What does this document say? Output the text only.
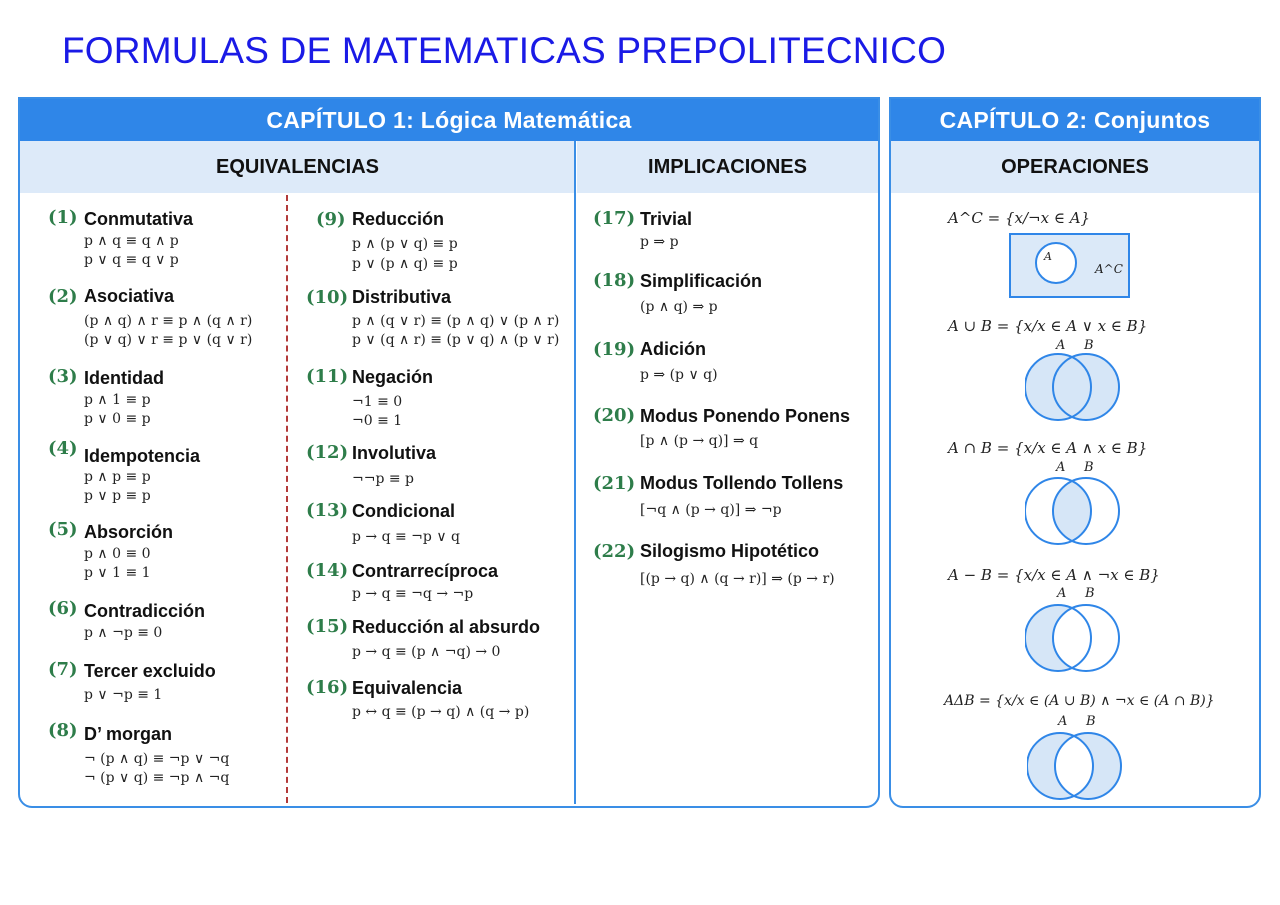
FORMULAS DE MATEMATICAS PREPOLITECNICO
CAPÍTULO 1: Lógica Matemática
EQUIVALENCIAS	IMPLICACIONES
CAPÍTULO 2: Conjuntos
OPERACIONES
(1) Conmutativa
p ∧ q ≡ q ∧ p
p ∨ q ≡ q ∨ p
(2) Asociativa
(p ∧ q) ∧ r ≡ p ∧ (q ∧ r)
(p ∨ q) ∨ r ≡ p ∨ (q ∨ r)
(3) Identidad
p ∧ 1 ≡ p
p ∨ 0 ≡ p
(4) Idempotencia
p ∧ p ≡ p
p ∨ p ≡ p
(5) Absorción
p ∧ 0 ≡ 0
p ∨ 1 ≡ 1
(6) Contradicción
p ∧ ¬p ≡ 0
(7) Tercer excluido
p ∨ ¬p ≡ 1
(8) D’ morgan
¬ (p ∧ q) ≡ ¬p ∨ ¬q
¬ (p ∨ q) ≡ ¬p ∧ ¬q
(9) Reducción
p ∧ (p ∨ q) ≡ p
p ∨ (p ∧ q) ≡ p
(10) Distributiva
p ∧ (q ∨ r) ≡ (p ∧ q) ∨ (p ∧ r)
p ∨ (q ∧ r) ≡ (p ∨ q) ∧ (p ∨ r)
(11) Negación
¬1 ≡ 0
¬0 ≡ 1
(12) Involutiva
¬¬p ≡ p
(13) Condicional
p → q ≡ ¬p ∨ q
(14) Contrarrecíproca
p → q ≡ ¬q → ¬p
(15) Reducción al absurdo
p → q ≡ (p ∧ ¬q) → 0
(16) Equivalencia
p ↔ q ≡ (p → q) ∧ (q → p)
(17) Trivial
p ⇒ p
(18) Simplificación
(p ∧ q) ⇒ p
(19) Adición
p ⇒ (p ∨ q)
(20) Modus Ponendo Ponens
[p ∧ (p → q)] ⇒ q
(21) Modus Tollendo Tollens
[¬q ∧ (p → q)] ⇒ ¬p
(22) Silogismo Hipotético
[(p → q) ∧ (q → r)] ⇒ (p → r)
A^C = {x/¬x ∈ A}
A
A^C
A ∪ B = {x/x ∈ A ∨ x ∈ B}
A B
A ∩ B = {x/x ∈ A ∧ x ∈ B}
A B
A − B = {x/x ∈ A ∧ ¬x ∈ B}
A B
AΔB = {x/x ∈ (A ∪ B) ∧ ¬x ∈ (A ∩ B)}
A B
